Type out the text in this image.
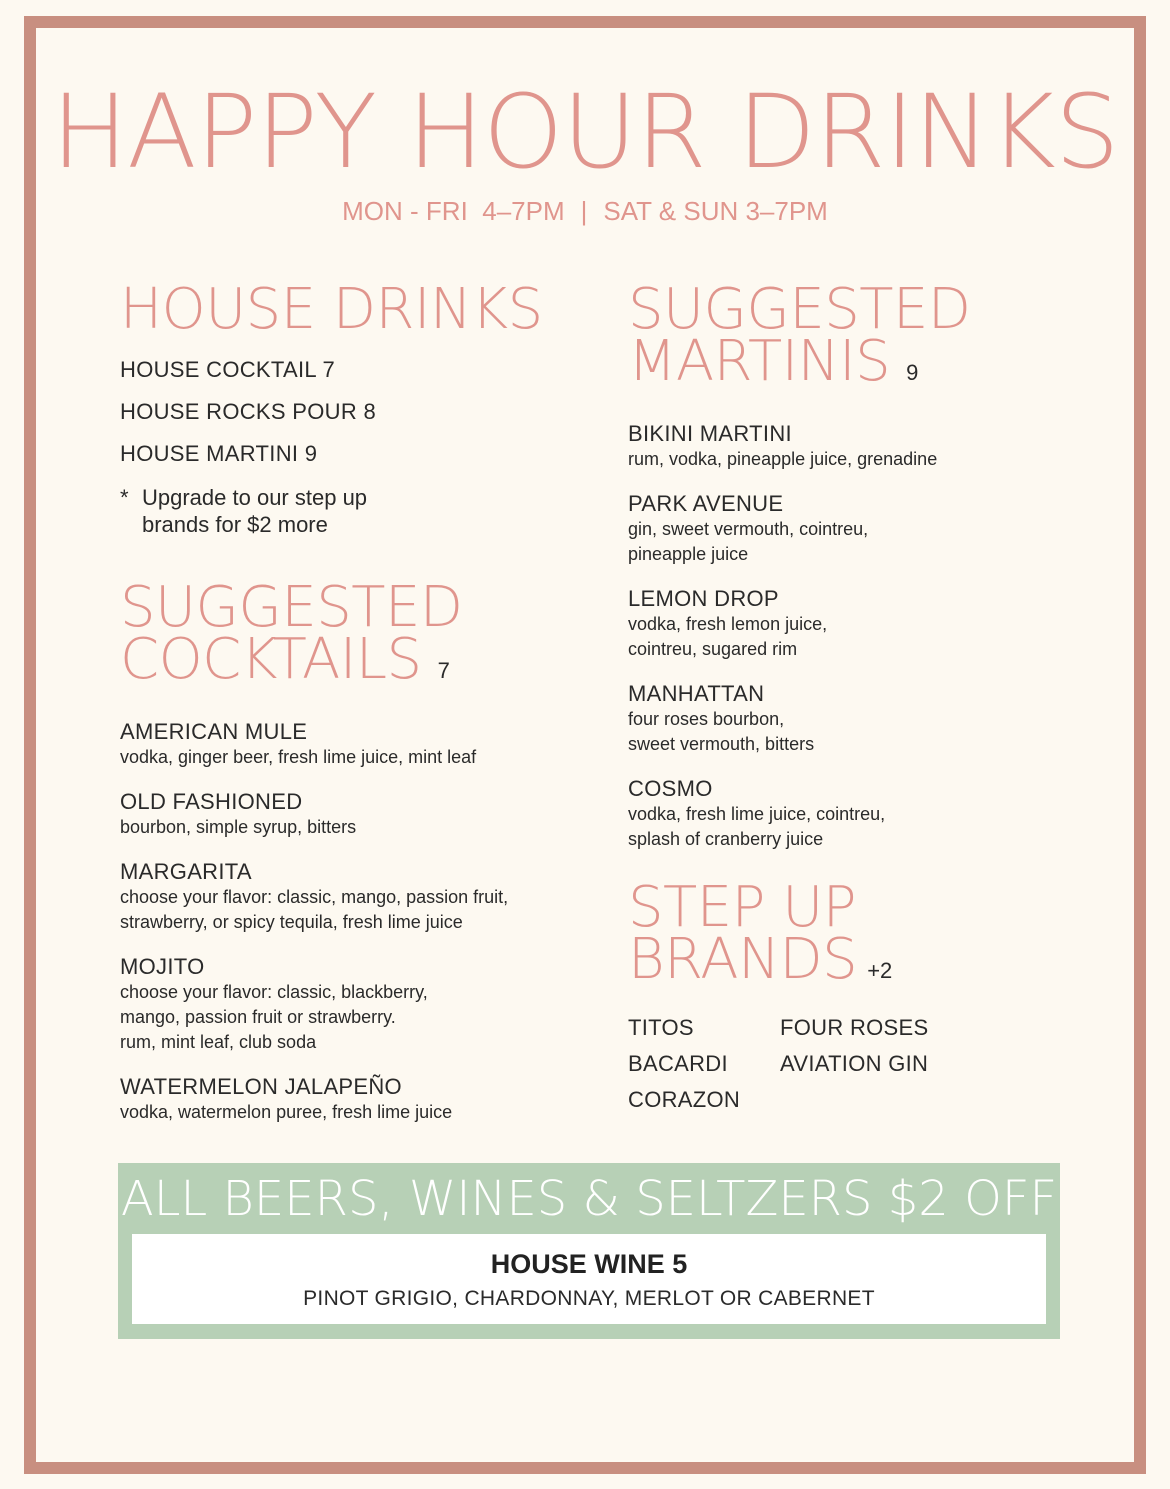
HAPPY HOUR DRINKS
MON - FRI  4–7PM | SAT & SUN 3–7PM
HOUSE DRINKS
HOUSE COCKTAIL 7
HOUSE ROCKS POUR 8
HOUSE MARTINI 9
* Upgrade to our step up brands for $2 more
SUGGESTED
COCKTAILS 7
AMERICAN MULE
vodka, ginger beer, fresh lime juice, mint leaf
OLD FASHIONED
bourbon, simple syrup, bitters
MARGARITA
choose your flavor: classic, mango, passion fruit,
strawberry, or spicy tequila, fresh lime juice
MOJITO
choose your flavor: classic, blackberry,
mango, passion fruit or strawberry.
rum, mint leaf, club soda
WATERMELON JALAPEÑO
vodka, watermelon puree, fresh lime juice
SUGGESTED
MARTINIS 9
BIKINI MARTINI
rum, vodka, pineapple juice, grenadine
PARK AVENUE
gin, sweet vermouth, cointreu,
pineapple juice
LEMON DROP
vodka, fresh lemon juice,
cointreu, sugared rim
MANHATTAN
four roses bourbon,
sweet vermouth, bitters
COSMO
vodka, fresh lime juice, cointreu,
splash of cranberry juice
STEP UP BRANDS +2
TITOS	FOUR ROSES
BACARDI	AVIATION GIN
CORAZON
ALL BEERS, WINES & SELTZERS $2 OFF
HOUSE WINE 5
PINOT GRIGIO, CHARDONNAY, MERLOT OR CABERNET
